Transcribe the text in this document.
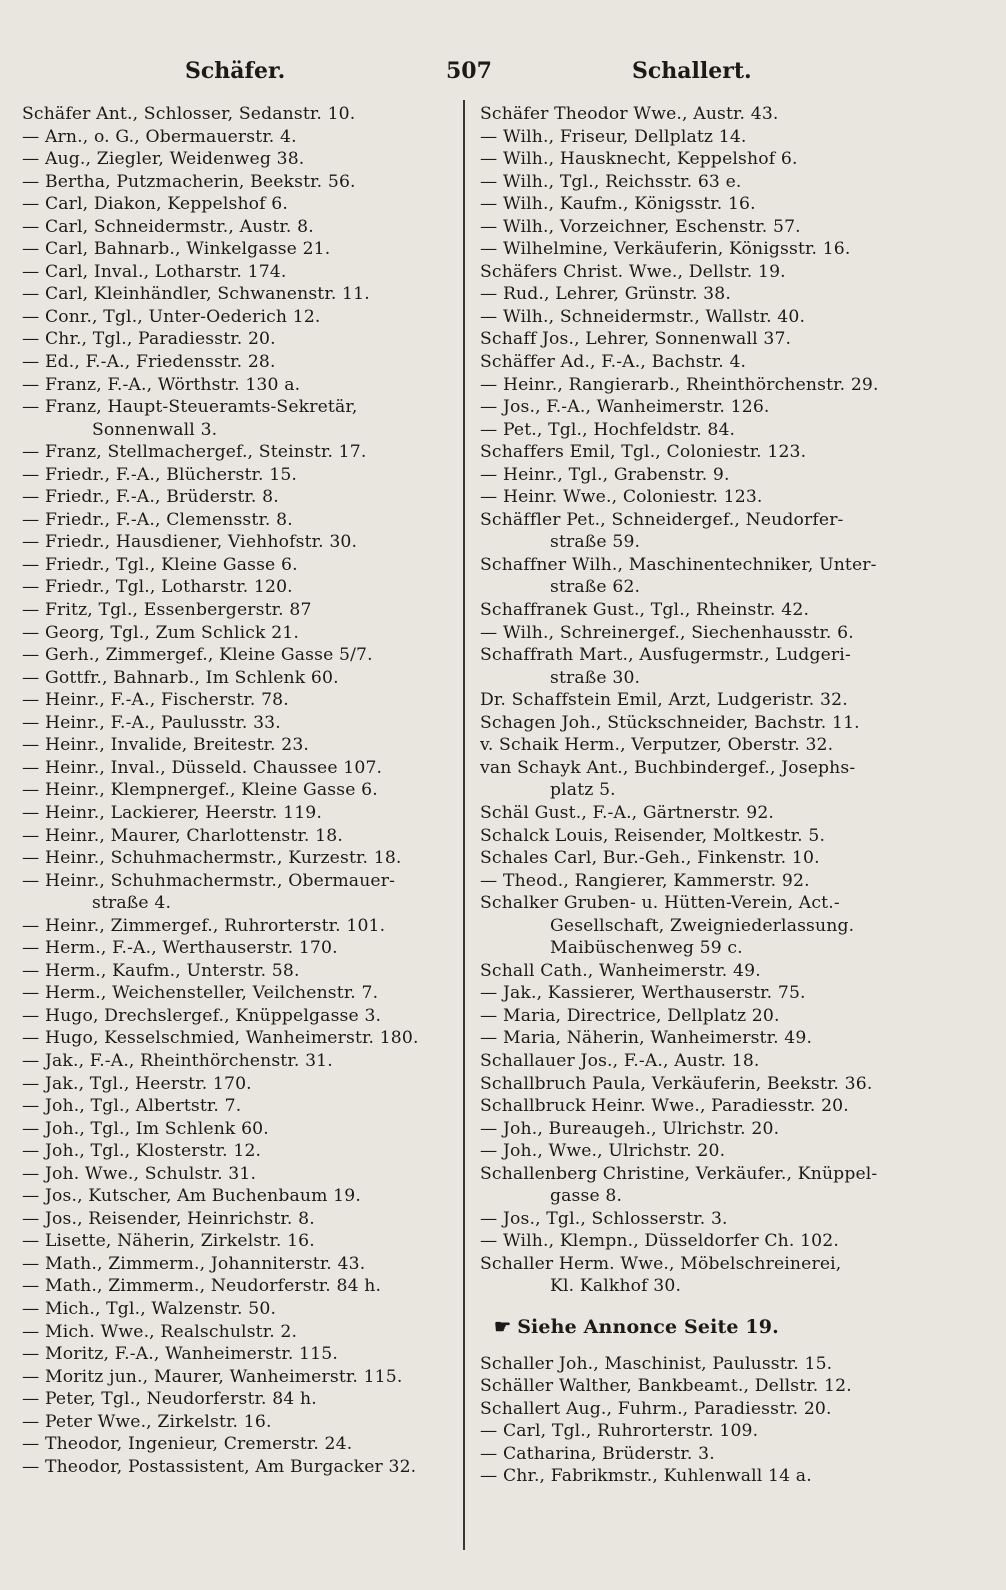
Schäfer.	507	Schallert.
Schäfer Ant., Schlosser, Sedanstr. 10.
— Arn., o. G., Obermauerstr. 4.
— Aug., Ziegler, Weidenweg 38.
— Bertha, Putzmacherin, Beekstr. 56.
— Carl, Diakon, Keppelshof 6.
— Carl, Schneidermstr., Austr. 8.
— Carl, Bahnarb., Winkelgasse 21.
— Carl, Inval., Lotharstr. 174.
— Carl, Kleinhändler, Schwanenstr. 11.
— Conr., Tgl., Unter-Oederich 12.
— Chr., Tgl., Paradiesstr. 20.
— Ed., F.-A., Friedensstr. 28.
— Franz, F.-A., Wörthstr. 130 a.
— Franz, Haupt-Steueramts-Sekretär,
Sonnenwall 3.
— Franz, Stellmachergef., Steinstr. 17.
— Friedr., F.-A., Blücherstr. 15.
— Friedr., F.-A., Brüderstr. 8.
— Friedr., F.-A., Clemensstr. 8.
— Friedr., Hausdiener, Viehhofstr. 30.
— Friedr., Tgl., Kleine Gasse 6.
— Friedr., Tgl., Lotharstr. 120.
— Fritz, Tgl., Essenbergerstr. 87
— Georg, Tgl., Zum Schlick 21.
— Gerh., Zimmergef., Kleine Gasse 5/7.
— Gottfr., Bahnarb., Im Schlenk 60.
— Heinr., F.-A., Fischerstr. 78.
— Heinr., F.-A., Paulusstr. 33.
— Heinr., Invalide, Breitestr. 23.
— Heinr., Inval., Düsseld. Chaussee 107.
— Heinr., Klempnergef., Kleine Gasse 6.
— Heinr., Lackierer, Heerstr. 119.
— Heinr., Maurer, Charlottenstr. 18.
— Heinr., Schuhmachermstr., Kurzestr. 18.
— Heinr., Schuhmachermstr., Obermauer-
straße 4.
— Heinr., Zimmergef., Ruhrorterstr. 101.
— Herm., F.-A., Werthauserstr. 170.
— Herm., Kaufm., Unterstr. 58.
— Herm., Weichensteller, Veilchenstr. 7.
— Hugo, Drechslergef., Knüppelgasse 3.
— Hugo, Kesselschmied, Wanheimerstr. 180.
— Jak., F.-A., Rheinthörchenstr. 31.
— Jak., Tgl., Heerstr. 170.
— Joh., Tgl., Albertstr. 7.
— Joh., Tgl., Im Schlenk 60.
— Joh., Tgl., Klosterstr. 12.
— Joh. Wwe., Schulstr. 31.
— Jos., Kutscher, Am Buchenbaum 19.
— Jos., Reisender, Heinrichstr. 8.
— Lisette, Näherin, Zirkelstr. 16.
— Math., Zimmerm., Johanniterstr. 43.
— Math., Zimmerm., Neudorferstr. 84 h.
— Mich., Tgl., Walzenstr. 50.
— Mich. Wwe., Realschulstr. 2.
— Moritz, F.-A., Wanheimerstr. 115.
— Moritz jun., Maurer, Wanheimerstr. 115.
— Peter, Tgl., Neudorferstr. 84 h.
— Peter Wwe., Zirkelstr. 16.
— Theodor, Ingenieur, Cremerstr. 24.
— Theodor, Postassistent, Am Burgacker 32.
Schäfer Theodor Wwe., Austr. 43.
— Wilh., Friseur, Dellplatz 14.
— Wilh., Hausknecht, Keppelshof 6.
— Wilh., Tgl., Reichsstr. 63 e.
— Wilh., Kaufm., Königsstr. 16.
— Wilh., Vorzeichner, Eschenstr. 57.
— Wilhelmine, Verkäuferin, Königsstr. 16.
Schäfers Christ. Wwe., Dellstr. 19.
— Rud., Lehrer, Grünstr. 38.
— Wilh., Schneidermstr., Wallstr. 40.
Schaff Jos., Lehrer, Sonnenwall 37.
Schäffer Ad., F.-A., Bachstr. 4.
— Heinr., Rangierarb., Rheinthörchenstr. 29.
— Jos., F.-A., Wanheimerstr. 126.
— Pet., Tgl., Hochfeldstr. 84.
Schaffers Emil, Tgl., Coloniestr. 123.
— Heinr., Tgl., Grabenstr. 9.
— Heinr. Wwe., Coloniestr. 123.
Schäffler Pet., Schneidergef., Neudorfer-
straße 59.
Schaffner Wilh., Maschinentechniker, Unter-
straße 62.
Schaffranek Gust., Tgl., Rheinstr. 42.
— Wilh., Schreinergef., Siechenhausstr. 6.
Schaffrath Mart., Ausfugermstr., Ludgeri-
straße 30.
Dr. Schaffstein Emil, Arzt, Ludgeristr. 32.
Schagen Joh., Stückschneider, Bachstr. 11.
v. Schaik Herm., Verputzer, Oberstr. 32.
van Schayk Ant., Buchbindergef., Josephs-
platz 5.
Schäl Gust., F.-A., Gärtnerstr. 92.
Schalck Louis, Reisender, Moltkestr. 5.
Schales Carl, Bur.-Geh., Finkenstr. 10.
— Theod., Rangierer, Kammerstr. 92.
Schalker Gruben- u. Hütten-Verein, Act.-
Gesellschaft, Zweigniederlassung.
Maibüschenweg 59 c.
Schall Cath., Wanheimerstr. 49.
— Jak., Kassierer, Werthauserstr. 75.
— Maria, Directrice, Dellplatz 20.
— Maria, Näherin, Wanheimerstr. 49.
Schallauer Jos., F.-A., Austr. 18.
Schallbruch Paula, Verkäuferin, Beekstr. 36.
Schallbruck Heinr. Wwe., Paradiesstr. 20.
— Joh., Bureaugeh., Ulrichstr. 20.
— Joh., Wwe., Ulrichstr. 20.
Schallenberg Christine, Verkäufer., Knüppel-
gasse 8.
— Jos., Tgl., Schlosserstr. 3.
— Wilh., Klempn., Düsseldorfer Ch. 102.
Schaller Herm. Wwe., Möbelschreinerei,
Kl. Kalkhof 30.
☛ Siehe Annonce Seite 19.
Schaller Joh., Maschinist, Paulusstr. 15.
Schäller Walther, Bankbeamt., Dellstr. 12.
Schallert Aug., Fuhrm., Paradiesstr. 20.
— Carl, Tgl., Ruhrorterstr. 109.
— Catharina, Brüderstr. 3.
— Chr., Fabrikmstr., Kuhlenwall 14 a.
